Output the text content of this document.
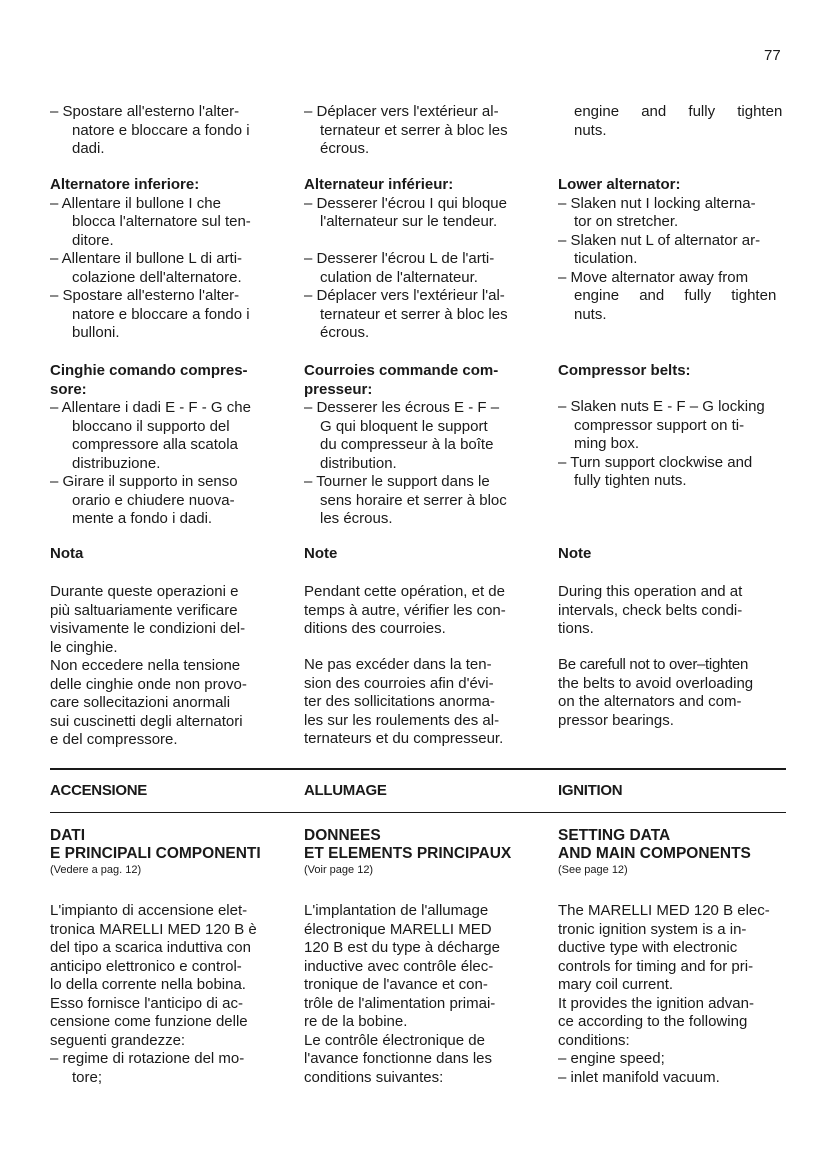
77

– Spostare all'esterno l'alter-

natore e bloccare a fondo i

dadi.

Alternatore inferiore:

– Allentare il bullone I che

blocca l'alternatore sul ten-

ditore.

– Allentare il bullone L di arti-

colazione dell'alternatore.

– Spostare all'esterno l'alter-

natore e bloccare a fondo i

bulloni.

Cinghie comando compres-

sore:

– Allentare i dadi E - F - G che

bloccano il supporto del

compressore alla scatola

distribuzione.

– Girare il supporto in senso

orario e chiudere nuova-

mente a fondo i dadi.

Nota

Durante queste operazioni e

più saltuariamente verificare

visivamente le condizioni del-

le cinghie.

Non eccedere nella tensione

delle cinghie onde non provo-

care sollecitazioni anormali

sui cuscinetti degli alternatori

e del compressore.

– Déplacer vers l'extérieur al-

ternateur et serrer à bloc les

écrous.

Alternateur inférieur:

– Desserer l'écrou I qui bloque

l'alternateur sur le tendeur.

– Desserer l'écrou L de l'arti-

culation de l'alternateur.

– Déplacer vers l'extérieur l'al-

ternateur et serrer à bloc les

écrous.

Courroies commande com-

presseur:

– Desserer les écrous E - F –

G qui bloquent le support

du compresseur à la boîte

distribution.

– Tourner le support dans le

sens horaire et serrer à bloc

les écrous.

Note

Pendant cette opération, et de

temps à autre, vérifier les con-

ditions des courroies.

Ne pas excéder dans la ten-

sion des courroies afin d'évi-

ter des sollicitations anorma-

les sur les roulements des al-

ternateurs et du compresseur.

engine and fully tighten

nuts.

Lower alternator:

– Slaken nut I locking alterna-

tor on stretcher.

– Slaken nut L of alternator ar-

ticulation.

– Move alternator away from

engine and fully tighten

nuts.

Compressor belts:

– Slaken nuts E - F – G locking

compressor support on ti-

ming box.

– Turn support clockwise and

fully tighten nuts.

Note

During this operation and at

intervals, check belts condi-

tions.

Be carefull not to over–tighten

the belts to avoid overloading

on the alternators and com-

pressor bearings.

ACCENSIONE	ALLUMAGE	IGNITION

DATI

E PRINCIPALI COMPONENTI

(Vedere a pag. 12)

DONNEES

ET ELEMENTS PRINCIPAUX

(Voir page 12)

SETTING DATA

AND MAIN COMPONENTS

(See page 12)

L'impianto di accensione elet-

tronica MARELLI MED 120 B è

del tipo a scarica induttiva con

anticipo elettronico e control-

lo della corrente nella bobina.

Esso fornisce l'anticipo di ac-

censione come funzione delle

seguenti grandezze:

– regime di rotazione del mo-

tore;

L'implantation de l'allumage

électronique MARELLI MED

120 B est du type à décharge

inductive avec contrôle élec-

tronique de l'avance et con-

trôle de l'alimentation primai-

re de la bobine.

Le contrôle électronique de

l'avance fonctionne dans les

conditions suivantes:

The MARELLI MED 120 B elec-

tronic ignition system is a in-

ductive type with electronic

controls for timing and for pri-

mary coil current.

It provides the ignition advan-

ce according to the following

conditions:

– engine speed;

– inlet manifold vacuum.
